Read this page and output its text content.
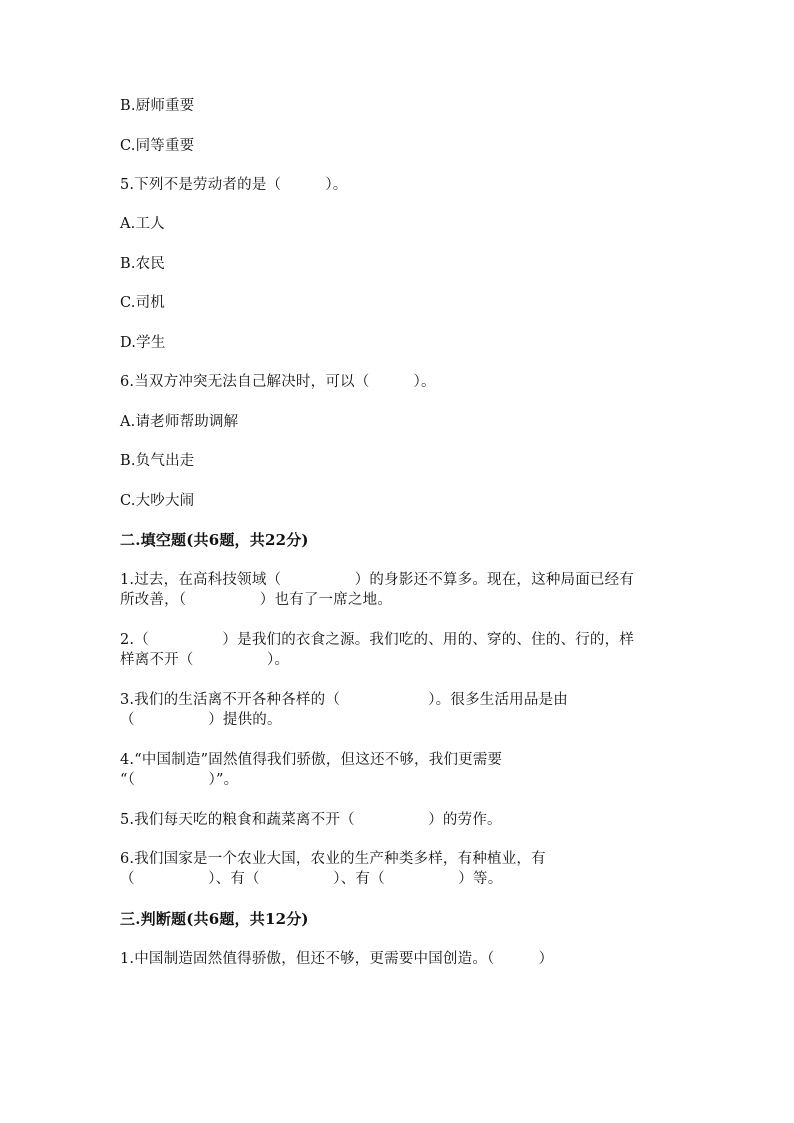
B.厨师重要
C.同等重要
5.下列不是劳动者的是（　　　）。
A.工人
B.农民
C.司机
D.学生
6.当双方冲突无法自己解决时，可以（　　　）。
A.请老师帮助调解
B.负气出走
C.大吵大闹
二.填空题(共6题，共22分)
1.过去，在高科技领域（　　　　　）的身影还不算多。现在，这种局面已经有
所改善，（　　　　　）也有了一席之地。
2.（　　　　　）是我们的衣食之源。我们吃的、用的、穿的、住的、行的，样
样离不开（　　　　　）。
3.我们的生活离不开各种各样的（　　　　　　）。很多生活用品是由
（　　　　　）提供的。
4.“中国制造”固然值得我们骄傲，但这还不够，我们更需要
“（　　　　　）”。
5.我们每天吃的粮食和蔬菜离不开（　　　　　）的劳作。
6.我们国家是一个农业大国，农业的生产种类多样，有种植业，有
（　　　　　）、有（　　　　　）、有（　　　　　）等。
三.判断题(共6题，共12分)
1.中国制造固然值得骄傲，但还不够，更需要中国创造。（　　　）
